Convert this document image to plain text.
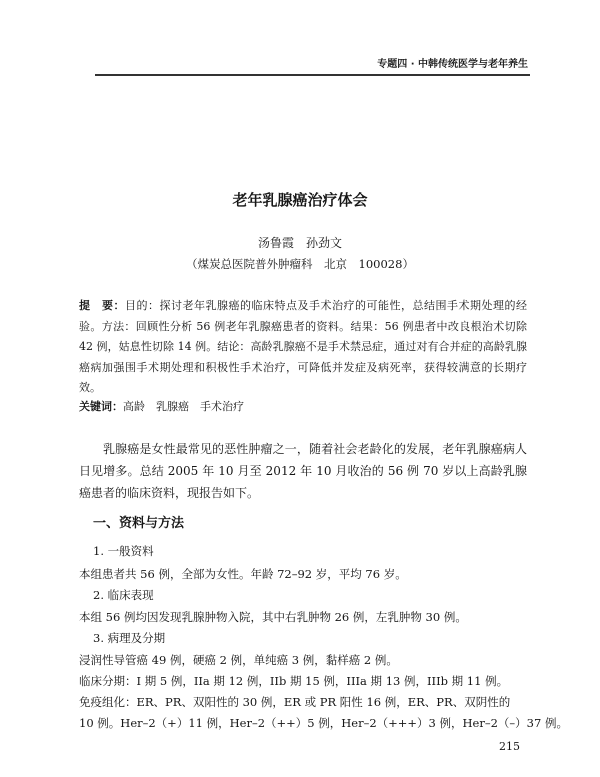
专题四 · 中韩传统医学与老年养生
老年乳腺癌治疗体会
汤鲁霞　孙劲文
（煤炭总医院普外肿瘤科　北京　100028）
提　要：目的：探讨老年乳腺癌的临床特点及手术治疗的可能性，总结围手术期处理的经验。方法：回顾性分析 56 例老年乳腺癌患者的资料。结果：56 例患者中改良根治术切除 42 例，姑息性切除 14 例。结论：高龄乳腺癌不是手术禁忌症，通过对有合并症的高龄乳腺癌病加强围手术期处理和积极性手术治疗，可降低并发症及病死率，获得较满意的长期疗效。
关键词：高龄　乳腺癌　手术治疗
乳腺癌是女性最常见的恶性肿瘤之一，随着社会老龄化的发展，老年乳腺癌病人日见增多。总结 2005 年 10 月至 2012 年 10 月收治的 56 例 70 岁以上高龄乳腺癌患者的临床资料，现报告如下。
一、资料与方法
1. 一般资料
本组患者共 56 例，全部为女性。年龄 72–92 岁，平均 76 岁。
2. 临床表现
本组 56 例均因发现乳腺肿物入院，其中右乳肿物 26 例，左乳肿物 30 例。
3. 病理及分期
浸润性导管癌 49 例，硬癌 2 例，单纯癌 3 例，黏样癌 2 例。
临床分期：I 期 5 例，IIa 期 12 例，IIb 期 15 例，IIIa 期 13 例，IIIb 期 11 例。
免疫组化：ER、PR、双阳性的 30 例，ER 或 PR 阳性 16 例，ER、PR、双阴性的
10 例。Her–2（+）11 例，Her–2（++）5 例，Her–2（+++）3 例，Her–2（–）37 例。
215
